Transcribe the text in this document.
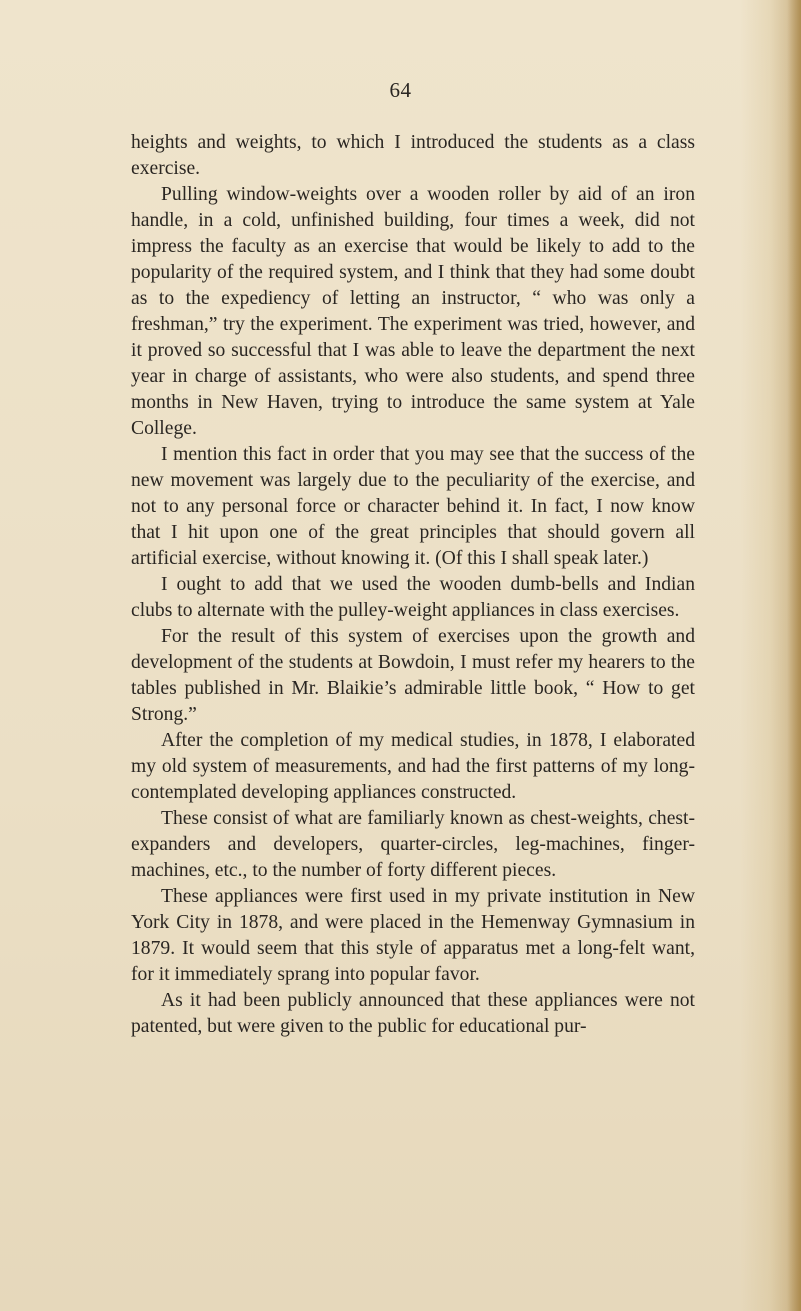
64

heights and weights, to which I introduced the students as a class exercise.

Pulling window-weights over a wooden roller by aid of an iron handle, in a cold, unfinished building, four times a week, did not impress the faculty as an exercise that would be likely to add to the popularity of the required system, and I think that they had some doubt as to the expediency of letting an instructor, “ who was only a freshman,” try the experiment. The experiment was tried, however, and it proved so successful that I was able to leave the department the next year in charge of assistants, who were also students, and spend three months in New Haven, trying to introduce the same system at Yale College.

I mention this fact in order that you may see that the success of the new movement was largely due to the peculiarity of the exercise, and not to any personal force or character behind it. In fact, I now know that I hit upon one of the great principles that should govern all artificial exercise, without knowing it. (Of this I shall speak later.)

I ought to add that we used the wooden dumb-bells and Indian clubs to alternate with the pulley-weight appliances in class exercises.

For the result of this system of exercises upon the growth and development of the students at Bowdoin, I must refer my hearers to the tables published in Mr. Blaikie’s admirable little book, “ How to get Strong.”

After the completion of my medical studies, in 1878, I elaborated my old system of measurements, and had the first patterns of my long-contemplated developing appliances constructed.

These consist of what are familiarly known as chest-weights, chest-expanders and developers, quarter-circles, leg-machines, finger-machines, etc., to the number of forty different pieces.

These appliances were first used in my private institution in New York City in 1878, and were placed in the Hemenway Gymnasium in 1879. It would seem that this style of apparatus met a long-felt want, for it immediately sprang into popular favor.

As it had been publicly announced that these appliances were not patented, but were given to the public for educational pur-
